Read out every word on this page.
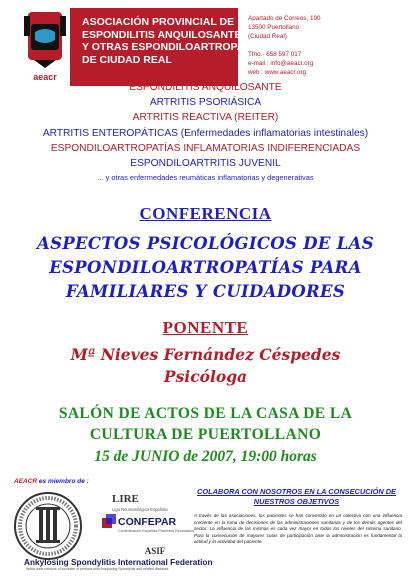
aeacr
ASOCIACIÓN PROVINCIAL DE
ESPONDILITIS ANQUILOSANTE
Y OTRAS ESPONDILOARTROPATÍAS
DE CIUDAD REAL
Apartado de Correos, 190
13500 Puertollano
(Ciudad Real)
Tfno.- 658 597 017
e-mail : info@aeacr.org
web : www.aeacr.org
ESPONDILITIS ANQUILOSANTE
ARTRITIS PSORIÁSICA
ARTRITIS REACTIVA (REITER)
ARTRITIS ENTEROPÁTICAS (Enfermedades inflamatorias intestinales)
ESPONDILOARTROPATÍAS INFLAMATORIAS INDIFERENCIADAS
ESPONDILOARTRITIS JUVENIL
... y otras enfermedades reumáticas inflamatorias y degenerativas
CONFERENCIA
ASPECTOS PSICOLÓGICOS DE LAS
ESPONDILOARTROPATÍAS PARA
FAMILIARES Y CUIDADORES
PONENTE
Mª Nieves Fernández Céspedes
Psicóloga
SALÓN DE ACTOS DE LA CASA DE LA
CULTURA DE PUERTOLLANO
15 de JUNIO de 2007, 19:00 horas
AEACR es miembro de :
LIRE
Liga Reumatológica Española
CONFEPAR
Confederación Española Pacientes Reumáticos
ASIF
Ankylosing Spondylitis International Federation
World-wide network of societies of persons with Ankylosing Spondylitis and related diseases
COLABORA CON NOSOTROS EN LA CONSECUCIÓN DE NUESTROS OBJETIVOS
A través de las asociaciones, los pacientes se han convertido en un colectivo con una influencia creciente en la toma de decisiones de las administraciones sanitarias y de los demás agentes del sector. La influencia de las mismas es cada vez mayor en todos los niveles del sistema sanitario. Para la consecución de mayores cotas de participación ante la administración es fundamental la actitud y la actividad del paciente.
